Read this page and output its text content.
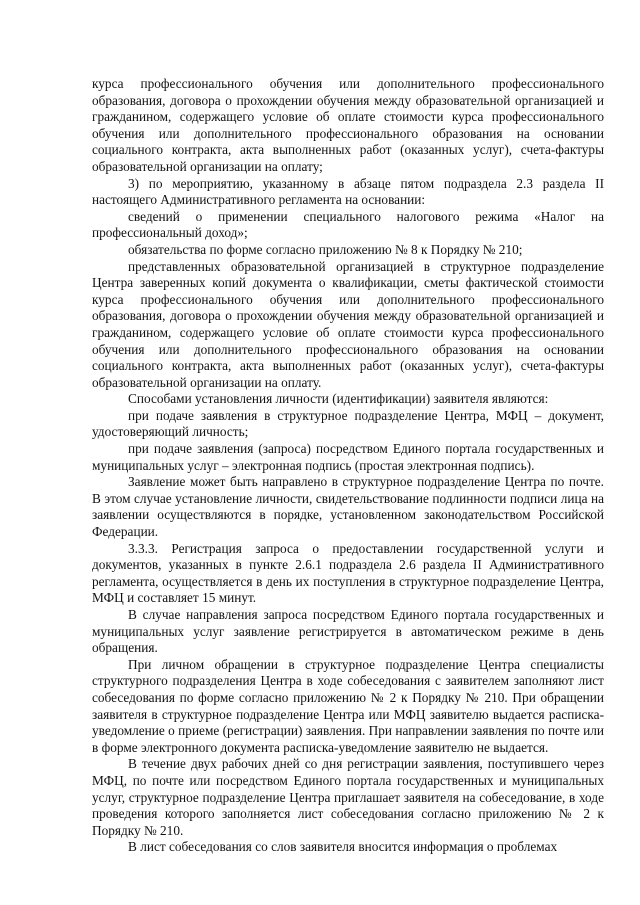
курса профессионального обучения или дополнительного профессионального образования, договора о прохождении обучения между образовательной организацией и гражданином, содержащего условие об оплате стоимости курса профессионального обучения или дополнительного профессионального образования на основании социального контракта, акта выполненных работ (оказанных услуг), счета-фактуры образовательной организации на оплату;

3) по мероприятию, указанному в абзаце пятом подраздела 2.3 раздела II настоящего Административного регламента на основании:

сведений о применении специального налогового режима «Налог на профессиональный доход»;

обязательства по форме согласно приложению № 8 к Порядку № 210;

представленных образовательной организацией в структурное подразделение Центра заверенных копий документа о квалификации, сметы фактической стоимости курса профессионального обучения или дополнительного профессионального образования, договора о прохождении обучения между образовательной организацией и гражданином, содержащего условие об оплате стоимости курса профессионального обучения или дополнительного профессионального образования на основании социального контракта, акта выполненных работ (оказанных услуг), счета-фактуры образовательной организации на оплату.

Способами установления личности (идентификации) заявителя являются:

при подаче заявления в структурное подразделение Центра, МФЦ – документ, удостоверяющий личность;

при подаче заявления (запроса) посредством Единого портала государственных и муниципальных услуг – электронная подпись (простая электронная подпись).

Заявление может быть направлено в структурное подразделение Центра по почте. В этом случае установление личности, свидетельствование подлинности подписи лица на заявлении осуществляются в порядке, установленном законодательством Российской Федерации.

3.3.3. Регистрация запроса о предоставлении государственной услуги и документов, указанных в пункте 2.6.1 подраздела 2.6 раздела II Административного регламента, осуществляется в день их поступления в структурное подразделение Центра, МФЦ и составляет 15 минут.

В случае направления запроса посредством Единого портала государственных и муниципальных услуг заявление регистрируется в автоматическом режиме в день обращения.

При личном обращении в структурное подразделение Центра специалисты структурного подразделения Центра в ходе собеседования с заявителем заполняют лист собеседования по форме согласно приложению № 2 к Порядку № 210. При обращении заявителя в структурное подразделение Центра или МФЦ заявителю выдается расписка-уведомление о приеме (регистрации) заявления. При направлении заявления по почте или в форме электронного документа расписка-уведомление заявителю не выдается.

В течение двух рабочих дней со дня регистрации заявления, поступившего через МФЦ, по почте или посредством Единого портала государственных и муниципальных услуг, структурное подразделение Центра приглашает заявителя на собеседование, в ходе проведения которого заполняется лист собеседования согласно приложению № 2 к Порядку № 210.

В лист собеседования со слов заявителя вносится информация о проблемах
